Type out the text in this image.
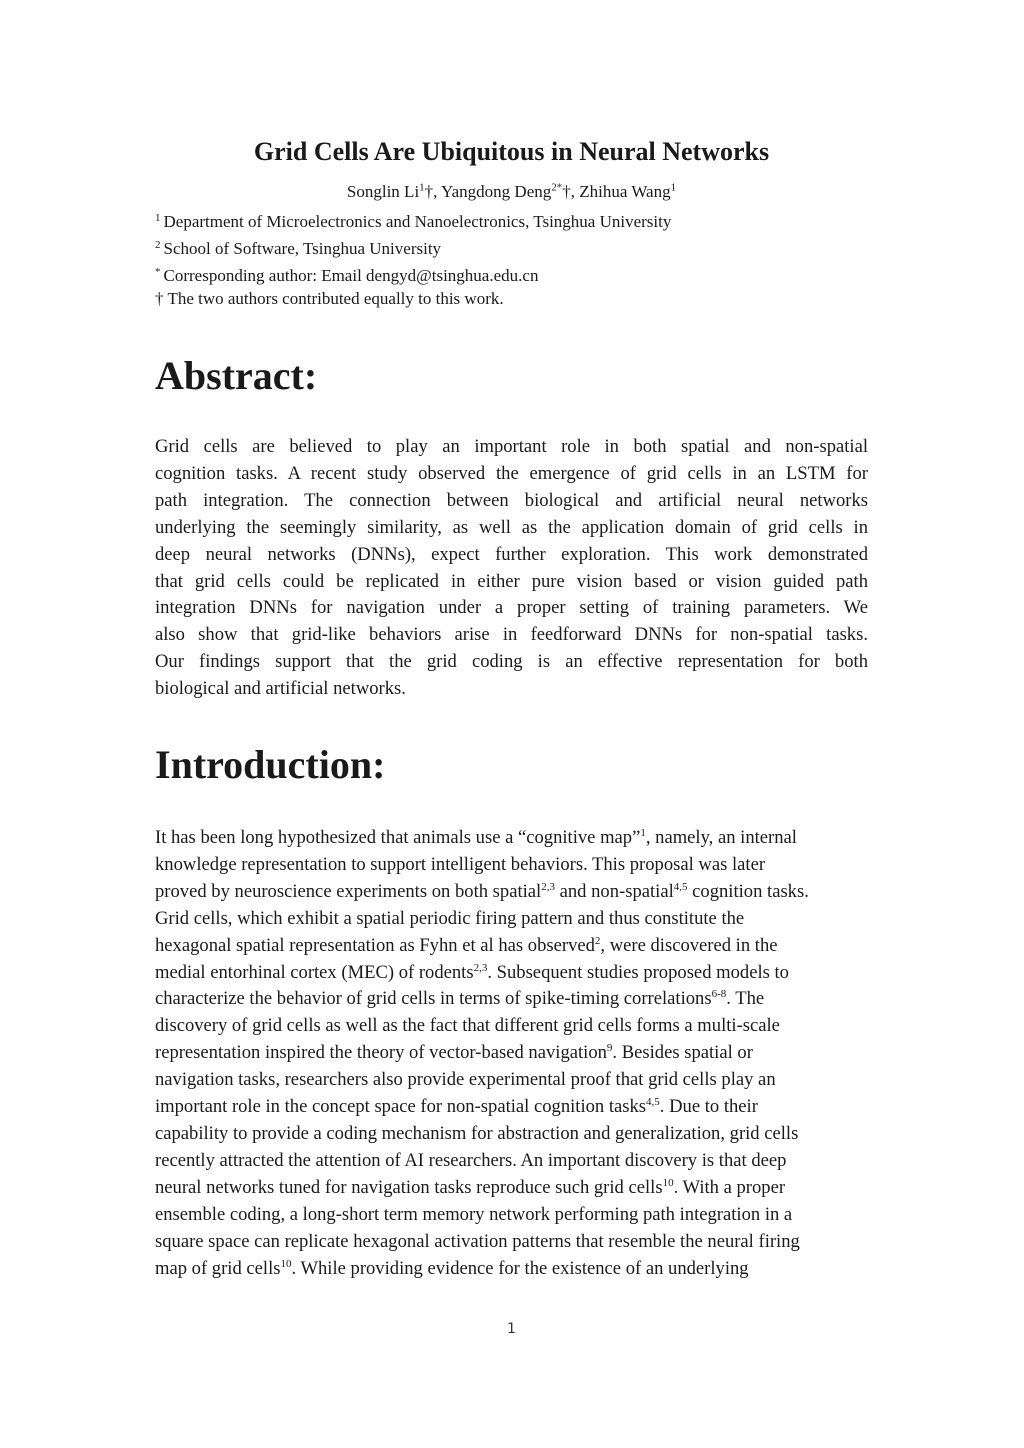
Grid Cells Are Ubiquitous in Neural Networks
Songlin Li$^1$†, Yangdong Deng$^{2*}$†, Zhihua Wang$^1$
$^1$ Department of Microelectronics and Nanoelectronics, Tsinghua University
$^2$ School of Software, Tsinghua University
* Corresponding author: Email dengyd@tsinghua.edu.cn
† The two authors contributed equally to this work.
Abstract:
Grid cells are believed to play an important role in both spatial and non-spatial
cognition tasks. A recent study observed the emergence of grid cells in an LSTM for
path integration. The connection between biological and artificial neural networks
underlying the seemingly similarity, as well as the application domain of grid cells in
deep neural networks (DNNs), expect further exploration. This work demonstrated
that grid cells could be replicated in either pure vision based or vision guided path
integration DNNs for navigation under a proper setting of training parameters. We
also show that grid-like behaviors arise in feedforward DNNs for non-spatial tasks.
Our findings support that the grid coding is an effective representation for both
biological and artificial networks.
Introduction:
It has been long hypothesized that animals use a “cognitive map”$^1$, namely, an internal
knowledge representation to support intelligent behaviors. This proposal was later
proved by neuroscience experiments on both spatial$^{2,3}$ and non-spatial$^{4,5}$ cognition tasks.
Grid cells, which exhibit a spatial periodic firing pattern and thus constitute the
hexagonal spatial representation as Fyhn et al has observed$^2$, were discovered in the
medial entorhinal cortex (MEC) of rodents$^{2,3}$. Subsequent studies proposed models to
characterize the behavior of grid cells in terms of spike-timing correlations$^{6-8}$. The
discovery of grid cells as well as the fact that different grid cells forms a multi-scale
representation inspired the theory of vector-based navigation$^9$. Besides spatial or
navigation tasks, researchers also provide experimental proof that grid cells play an
important role in the concept space for non-spatial cognition tasks$^{4,5}$. Due to their
capability to provide a coding mechanism for abstraction and generalization, grid cells
recently attracted the attention of AI researchers. An important discovery is that deep
neural networks tuned for navigation tasks reproduce such grid cells$^{10}$. With a proper
ensemble coding, a long-short term memory network performing path integration in a
square space can replicate hexagonal activation patterns that resemble the neural firing
map of grid cells$^{10}$. While providing evidence for the existence of an underlying
1
